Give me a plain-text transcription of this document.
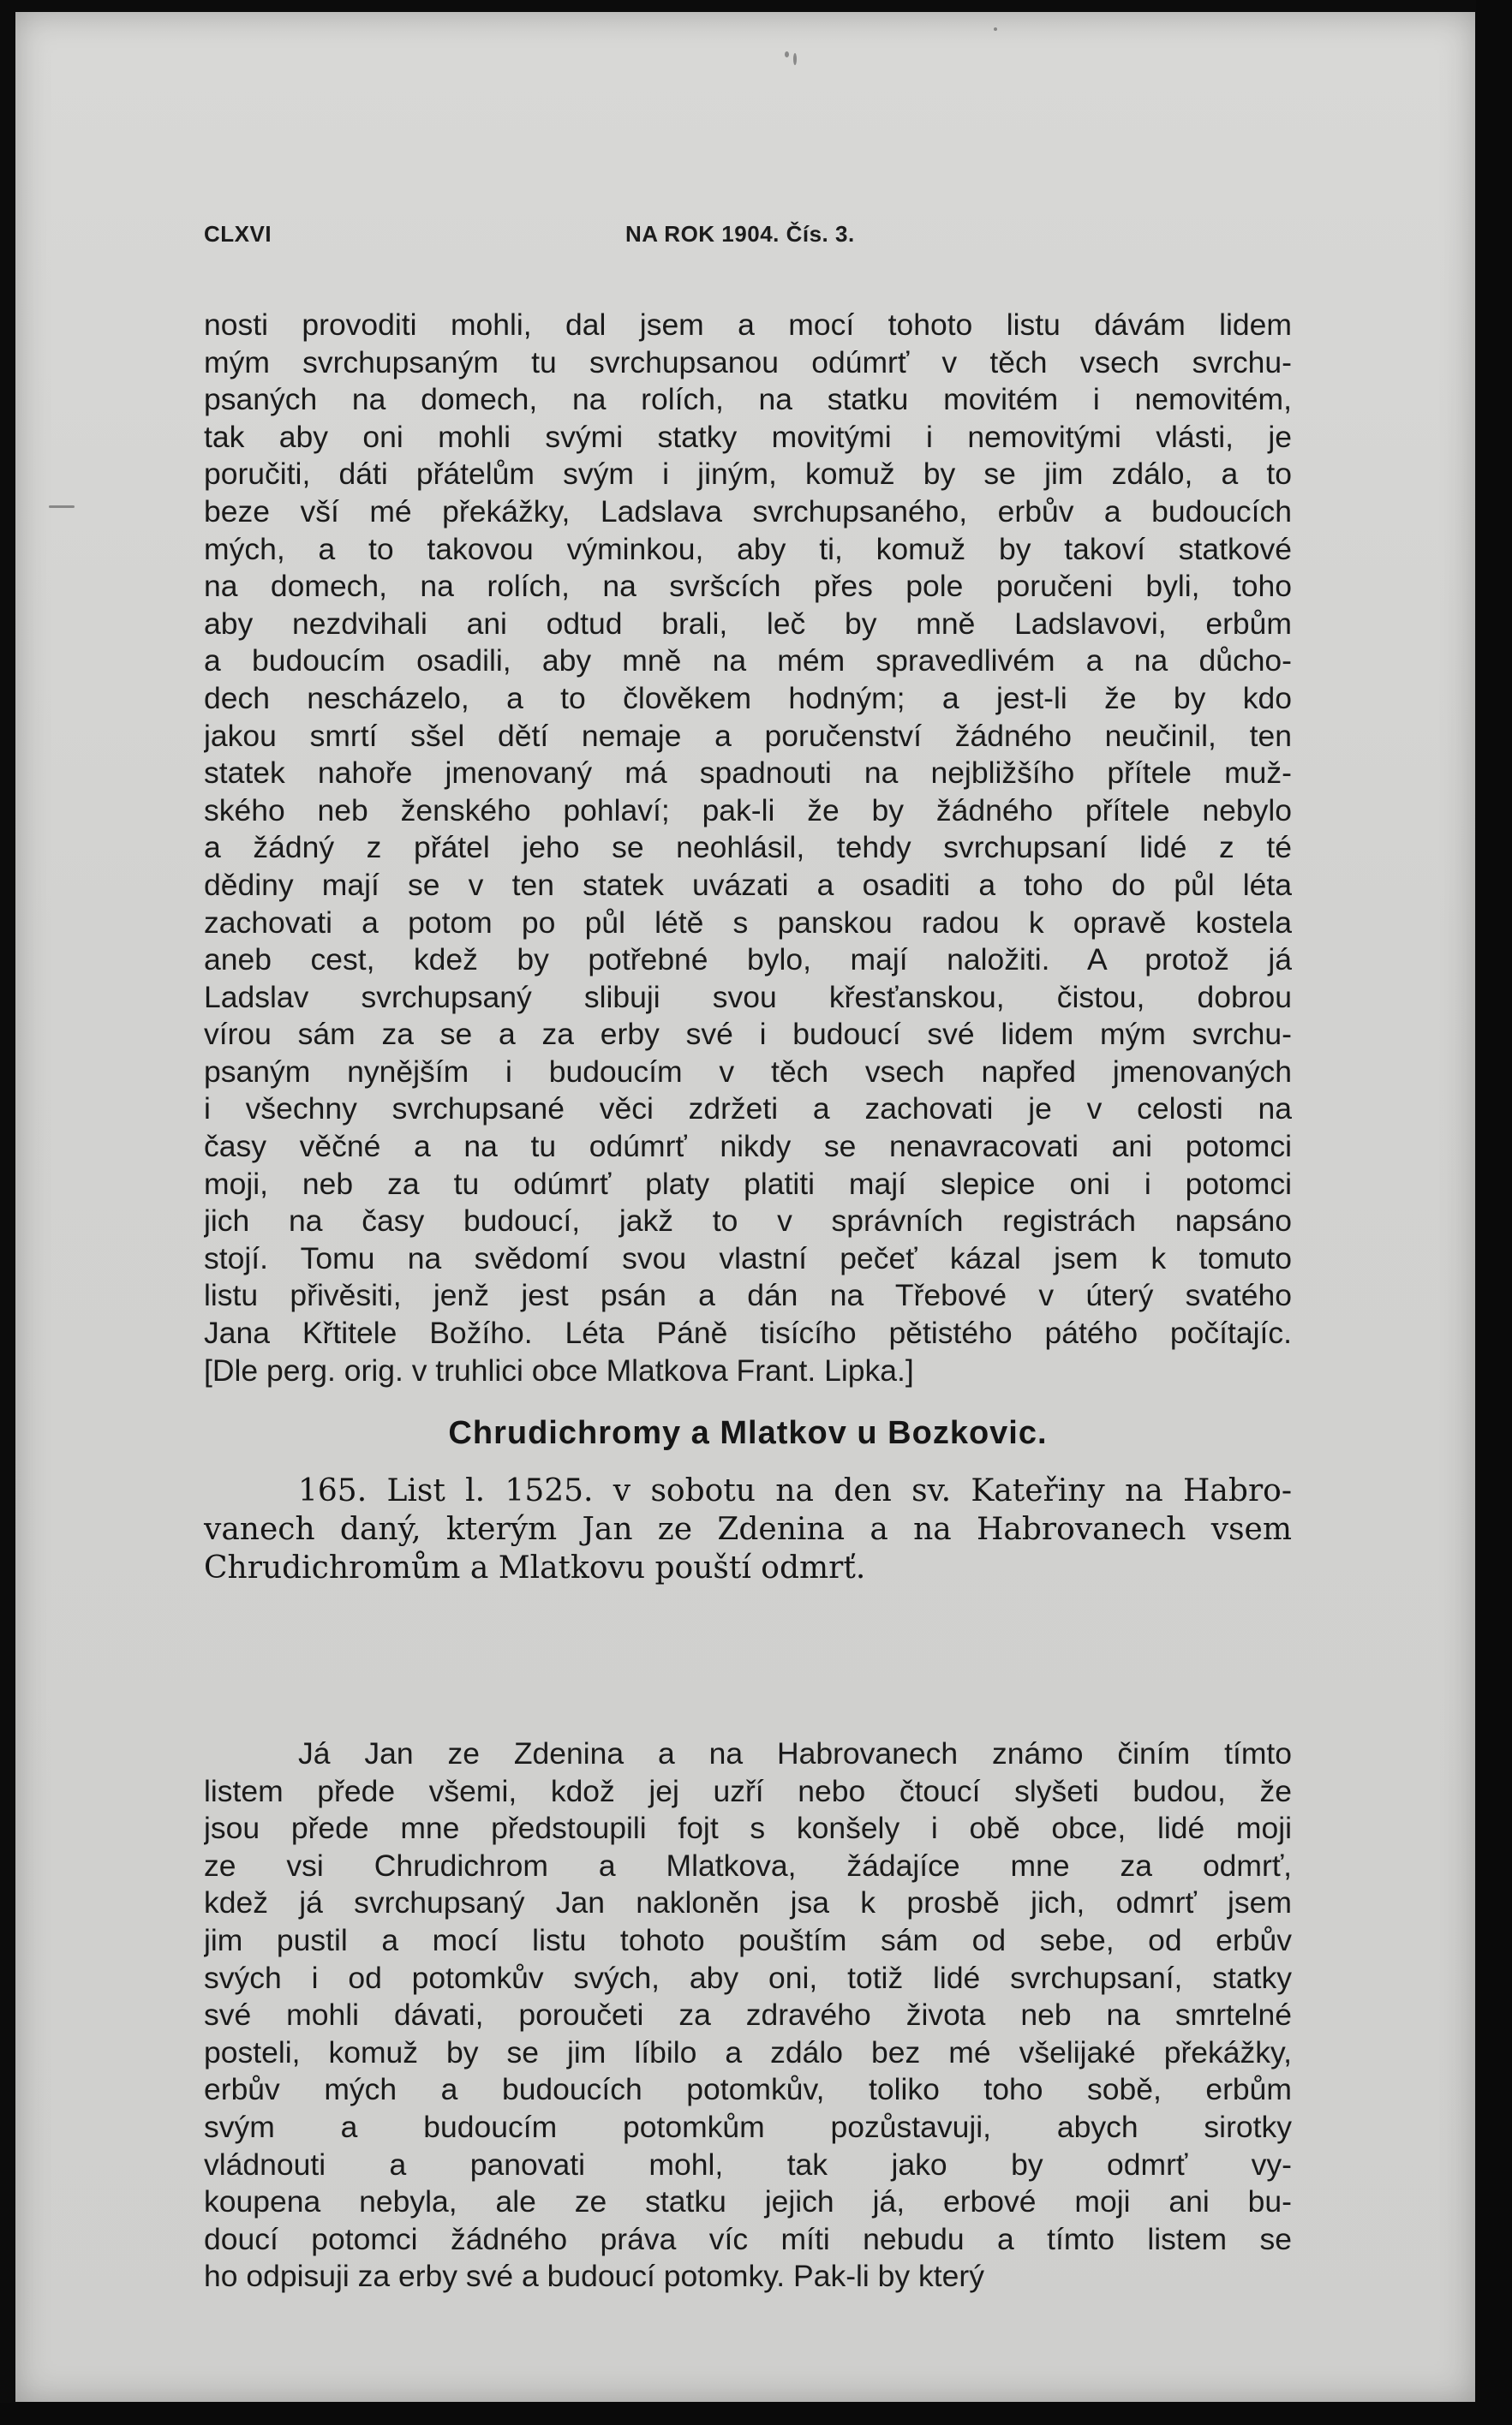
CLXVI	NA ROK 1904. Čís. 3.
nosti provoditi mohli, dal jsem a mocí tohoto listu dávám lidem
mým svrchupsaným tu svrchupsanou odúmrť v těch vsech svrchu-
psaných na domech, na rolích, na statku movitém i nemovitém,
tak aby oni mohli svými statky movitými i nemovitými vlásti, je
poručiti, dáti přátelům svým i jiným, komuž by se jim zdálo, a to
beze vší mé překážky, Ladslava svrchupsaného, erbův a budoucích
mých, a to takovou výminkou, aby ti, komuž by takoví statkové
na domech, na rolích, na svršcích přes pole poručeni byli, toho
aby nezdvihali ani odtud brali, leč by mně Ladslavovi, erbům
a budoucím osadili, aby mně na mém spravedlivém a na důcho-
dech nescházelo, a to člověkem hodným; a jest-li že by kdo
jakou smrtí sšel dětí nemaje a poručenství žádného neučinil, ten
statek nahoře jmenovaný má spadnouti na nejbližšího přítele muž-
ského neb ženského pohlaví; pak-li že by žádného přítele nebylo
a žádný z přátel jeho se neohlásil, tehdy svrchupsaní lidé z té
dědiny mají se v ten statek uvázati a osaditi a toho do půl léta
zachovati a potom po půl létě s panskou radou k opravě kostela
aneb cest, kdež by potřebné bylo, mají naložiti. A protož já
Ladslav svrchupsaný slibuji svou křesťanskou, čistou, dobrou
vírou sám za se a za erby své i budoucí své lidem mým svrchu-
psaným nynějším i budoucím v těch vsech napřed jmenovaných
i všechny svrchupsané věci zdržeti a zachovati je v celosti na
časy věčné a na tu odúmrť nikdy se nenavracovati ani potomci
moji, neb za tu odúmrť platy platiti mají slepice oni i potomci
jich na časy budoucí, jakž to v správních registrách napsáno
stojí. Tomu na svědomí svou vlastní pečeť kázal jsem k tomuto
listu přivěsiti, jenž jest psán a dán na Třebové v úterý svatého
Jana Křtitele Božího. Léta Páně tisícího pětistého pátého počítajíc.
[Dle perg. orig. v truhlici obce Mlatkova Frant. Lipka.]
Chrudichromy a Mlatkov u Bozkovic.
165. List l. 1525. v sobotu na den sv. Kateřiny na Habro-
vanech daný, kterým Jan ze Zdenina a na Habrovanech vsem
Chrudichromům a Mlatkovu pouští odmrť.
Já Jan ze Zdenina a na Habrovanech známo činím tímto
listem přede všemi, kdož jej uzří nebo čtoucí slyšeti budou, že
jsou přede mne předstoupili fojt s konšely i obě obce, lidé moji
ze vsi Chrudichrom a Mlatkova, žádajíce mne za odmrť,
kdež já svrchupsaný Jan nakloněn jsa k prosbě jich, odmrť jsem
jim pustil a mocí listu tohoto pouštím sám od sebe, od erbův
svých i od potomkův svých, aby oni, totiž lidé svrchupsaní, statky
své mohli dávati, poroučeti za zdravého života neb na smrtelné
posteli, komuž by se jim líbilo a zdálo bez mé všelijaké překážky,
erbův mých a budoucích potomkův, toliko toho sobě, erbům
svým a budoucím potomkům pozůstavuji, abych sirotky
vládnouti a panovati mohl, tak jako by odmrť vy-
koupena nebyla, ale ze statku jejich já, erbové moji ani bu-
doucí potomci žádného práva víc míti nebudu a tímto listem se
ho odpisuji za erby své a budoucí potomky. Pak-li by který
